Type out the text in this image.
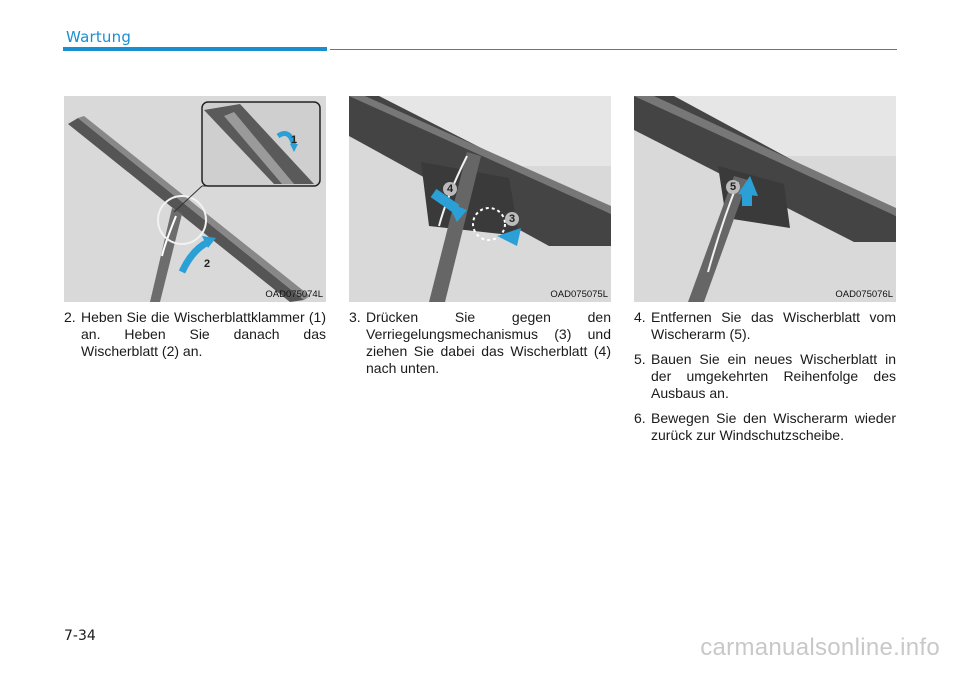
Wartung
1
2
OAD075074L
4
3
OAD075075L
5
OAD075076L
2. Heben Sie die Wischerblattklammer (1) an. Heben Sie danach das Wischerblatt (2) an.
3. Drücken Sie gegen den Verriegelungsmechanismus (3) und ziehen Sie dabei das Wischerblatt (4) nach unten.
4. Entfernen Sie das Wischerblatt vom Wischerarm (5).
5. Bauen Sie ein neues Wischerblatt in der umgekehrten Reihenfolge des Ausbaus an.
6. Bewegen Sie den Wischerarm wieder zurück zur Windschutzscheibe.
7-34	carmanualsonline.info
